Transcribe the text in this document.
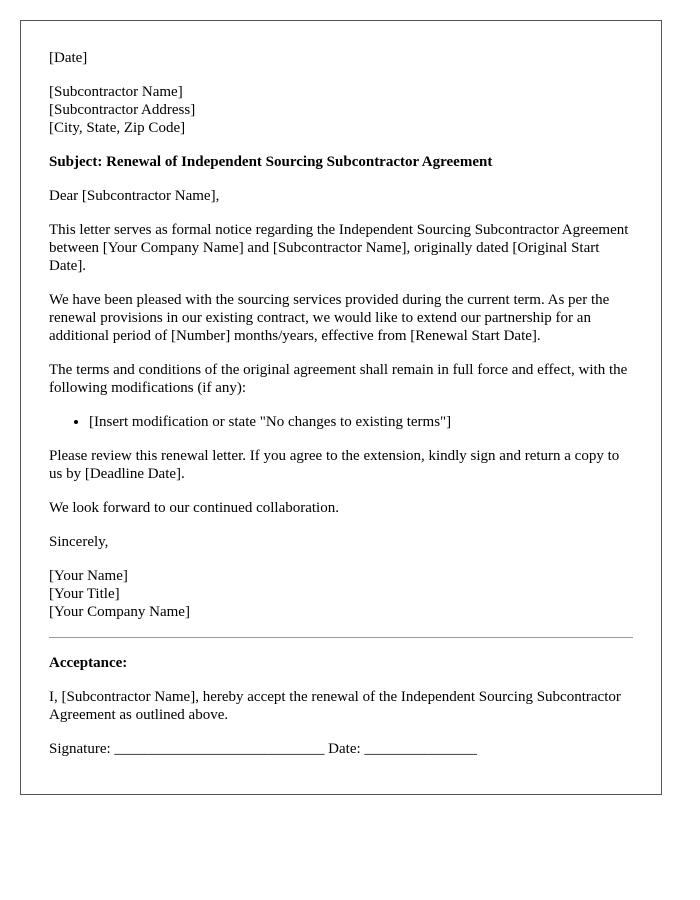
[Date]

[Subcontractor Name]
[Subcontractor Address]
[City, State, Zip Code]

Subject: Renewal of Independent Sourcing Subcontractor Agreement

Dear [Subcontractor Name],

This letter serves as formal notice regarding the Independent Sourcing Subcontractor Agreement between [Your Company Name] and [Subcontractor Name], originally dated [Original Start Date].

We have been pleased with the sourcing services provided during the current term. As per the renewal provisions in our existing contract, we would like to extend our partnership for an additional period of [Number] months/years, effective from [Renewal Start Date].

The terms and conditions of the original agreement shall remain in full force and effect, with the following modifications (if any):

• [Insert modification or state "No changes to existing terms"]

Please review this renewal letter. If you agree to the extension, kindly sign and return a copy to us by [Deadline Date].

We look forward to our continued collaboration.

Sincerely,

[Your Name]
[Your Title]
[Your Company Name]

Acceptance:

I, [Subcontractor Name], hereby accept the renewal of the Independent Sourcing Subcontractor Agreement as outlined above.

Signature: ____________________________ Date: _______________
